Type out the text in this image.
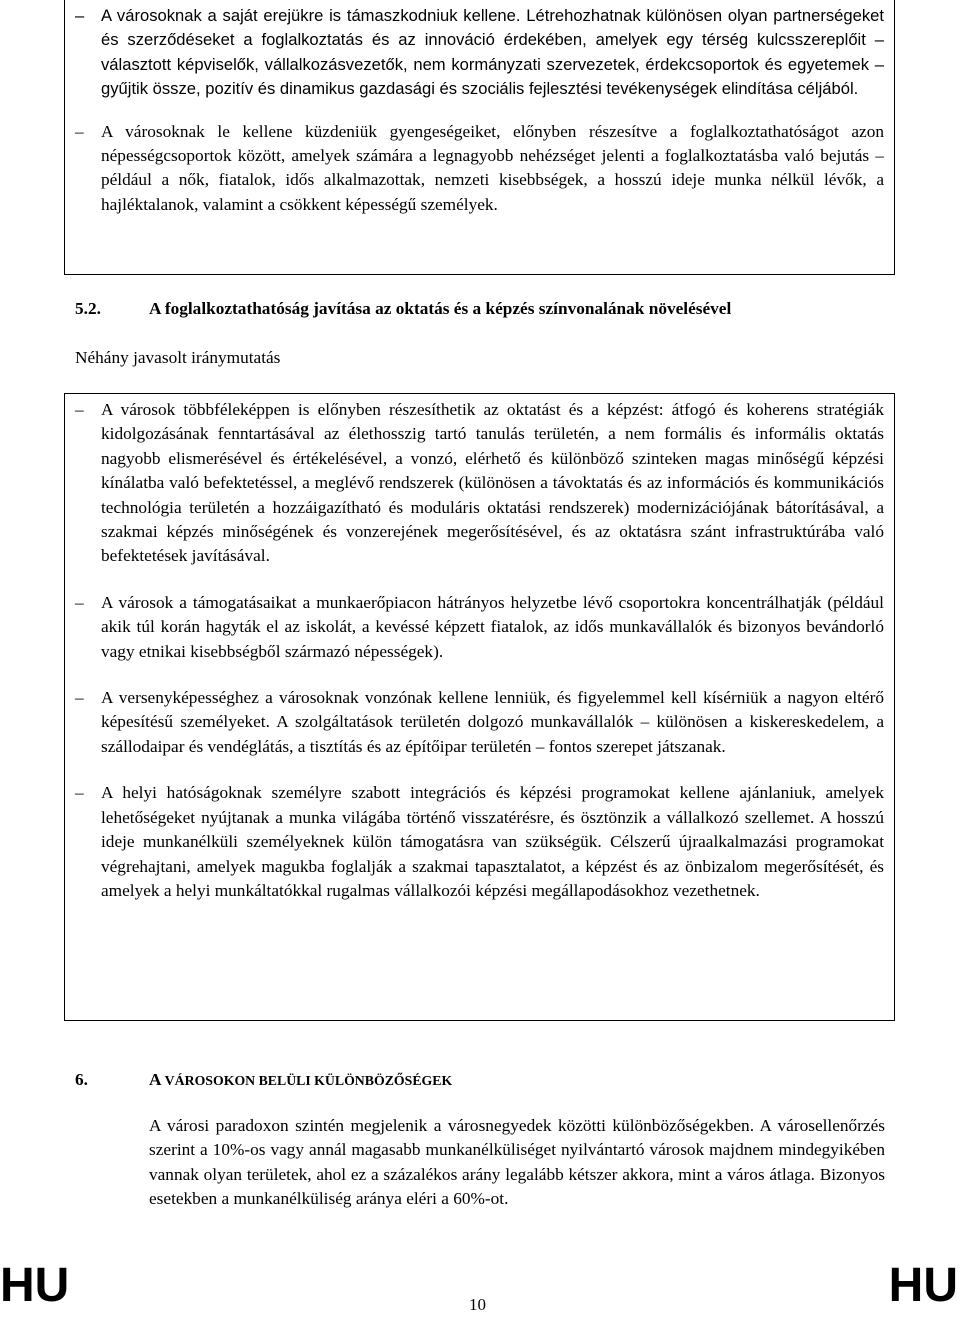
–	A városoknak a saját erejükre is támaszkodniuk kellene. Létrehozhatnak különösen olyan partnerségeket és szerződéseket a foglalkoztatás és az innováció érdekében, amelyek egy térség kulcsszereplőit – választott képviselők, vállalkozásvezetők, nem kormányzati szervezetek, érdekcsoportok és egyetemek – gyűjtik össze, pozitív és dinamikus gazdasági és szociális fejlesztési tevékenységek elindítása céljából.

–	A városoknak le kellene küzdeniük gyengeségeiket, előnyben részesítve a foglalkoztathatóságot azon népességcsoportok között, amelyek számára a legnagyobb nehézséget jelenti a foglalkoztatásba való bejutás – például a nők, fiatalok, idős alkalmazottak, nemzeti kisebbségek, a hosszú ideje munka nélkül lévők, a hajléktalanok, valamint a csökkent képességű személyek.

5.2.	A foglalkoztathatóság javítása az oktatás és a képzés színvonalának növelésével
Néhány javasolt iránymutatás

–	A városok többféleképpen is előnyben részesíthetik az oktatást és a képzést: átfogó és koherens stratégiák kidolgozásának fenntartásával az élethosszig tartó tanulás területén, a nem formális és informális oktatás nagyobb elismerésével és értékelésével, a vonzó, elérhető és különböző szinteken magas minőségű képzési kínálatba való befektetéssel, a meglévő rendszerek (különösen a távoktatás és az információs és kommunikációs technológia területén a hozzáigazítható és moduláris oktatási rendszerek) modernizációjának bátorításával, a szakmai képzés minőségének és vonzerejének megerősítésével, és az oktatásra szánt infrastruktúrába való befektetések javításával.

–	A városok a támogatásaikat a munkaerőpiacon hátrányos helyzetbe lévő csoportokra koncentrálhatják (például akik túl korán hagyták el az iskolát, a kevéssé képzett fiatalok, az idős munkavállalók és bizonyos bevándorló vagy etnikai kisebbségből származó népességek).

–	A versenyképességhez a városoknak vonzónak kellene lenniük, és figyelemmel kell kísérniük a nagyon eltérő képesítésű személyeket. A szolgáltatások területén dolgozó munkavállalók – különösen a kiskereskedelem, a szállodaipar és vendéglátás, a tisztítás és az építőipar területén – fontos szerepet játszanak.

–	A helyi hatóságoknak személyre szabott integrációs és képzési programokat kellene ajánlaniuk, amelyek lehetőségeket nyújtanak a munka világába történő visszatérésre, és ösztönzik a vállalkozó szellemet. A hosszú ideje munkanélküli személyeknek külön támogatásra van szükségük. Célszerű újraalkalmazási programokat végrehajtani, amelyek magukba foglalják a szakmai tapasztalatot, a képzést és az önbizalom megerősítését, és amelyek a helyi munkáltatókkal rugalmas vállalkozói képzési megállapodásokhoz vezethetnek.

6.	A VÁROSOKON BELÜLI KÜLÖNBÖZŐSÉGEK

A városi paradoxon szintén megjelenik a városnegyedek közötti különbözőségekben. A városellenőrzés szerint a 10%-os vagy annál magasabb munkanélküliséget nyilvántartó városok majdnem mindegyikében vannak olyan területek, ahol ez a százalékos arány legalább kétszer akkora, mint a város átlaga. Bizonyos esetekben a munkanélküliség aránya eléri a 60%-ot.

HU	10	HU
